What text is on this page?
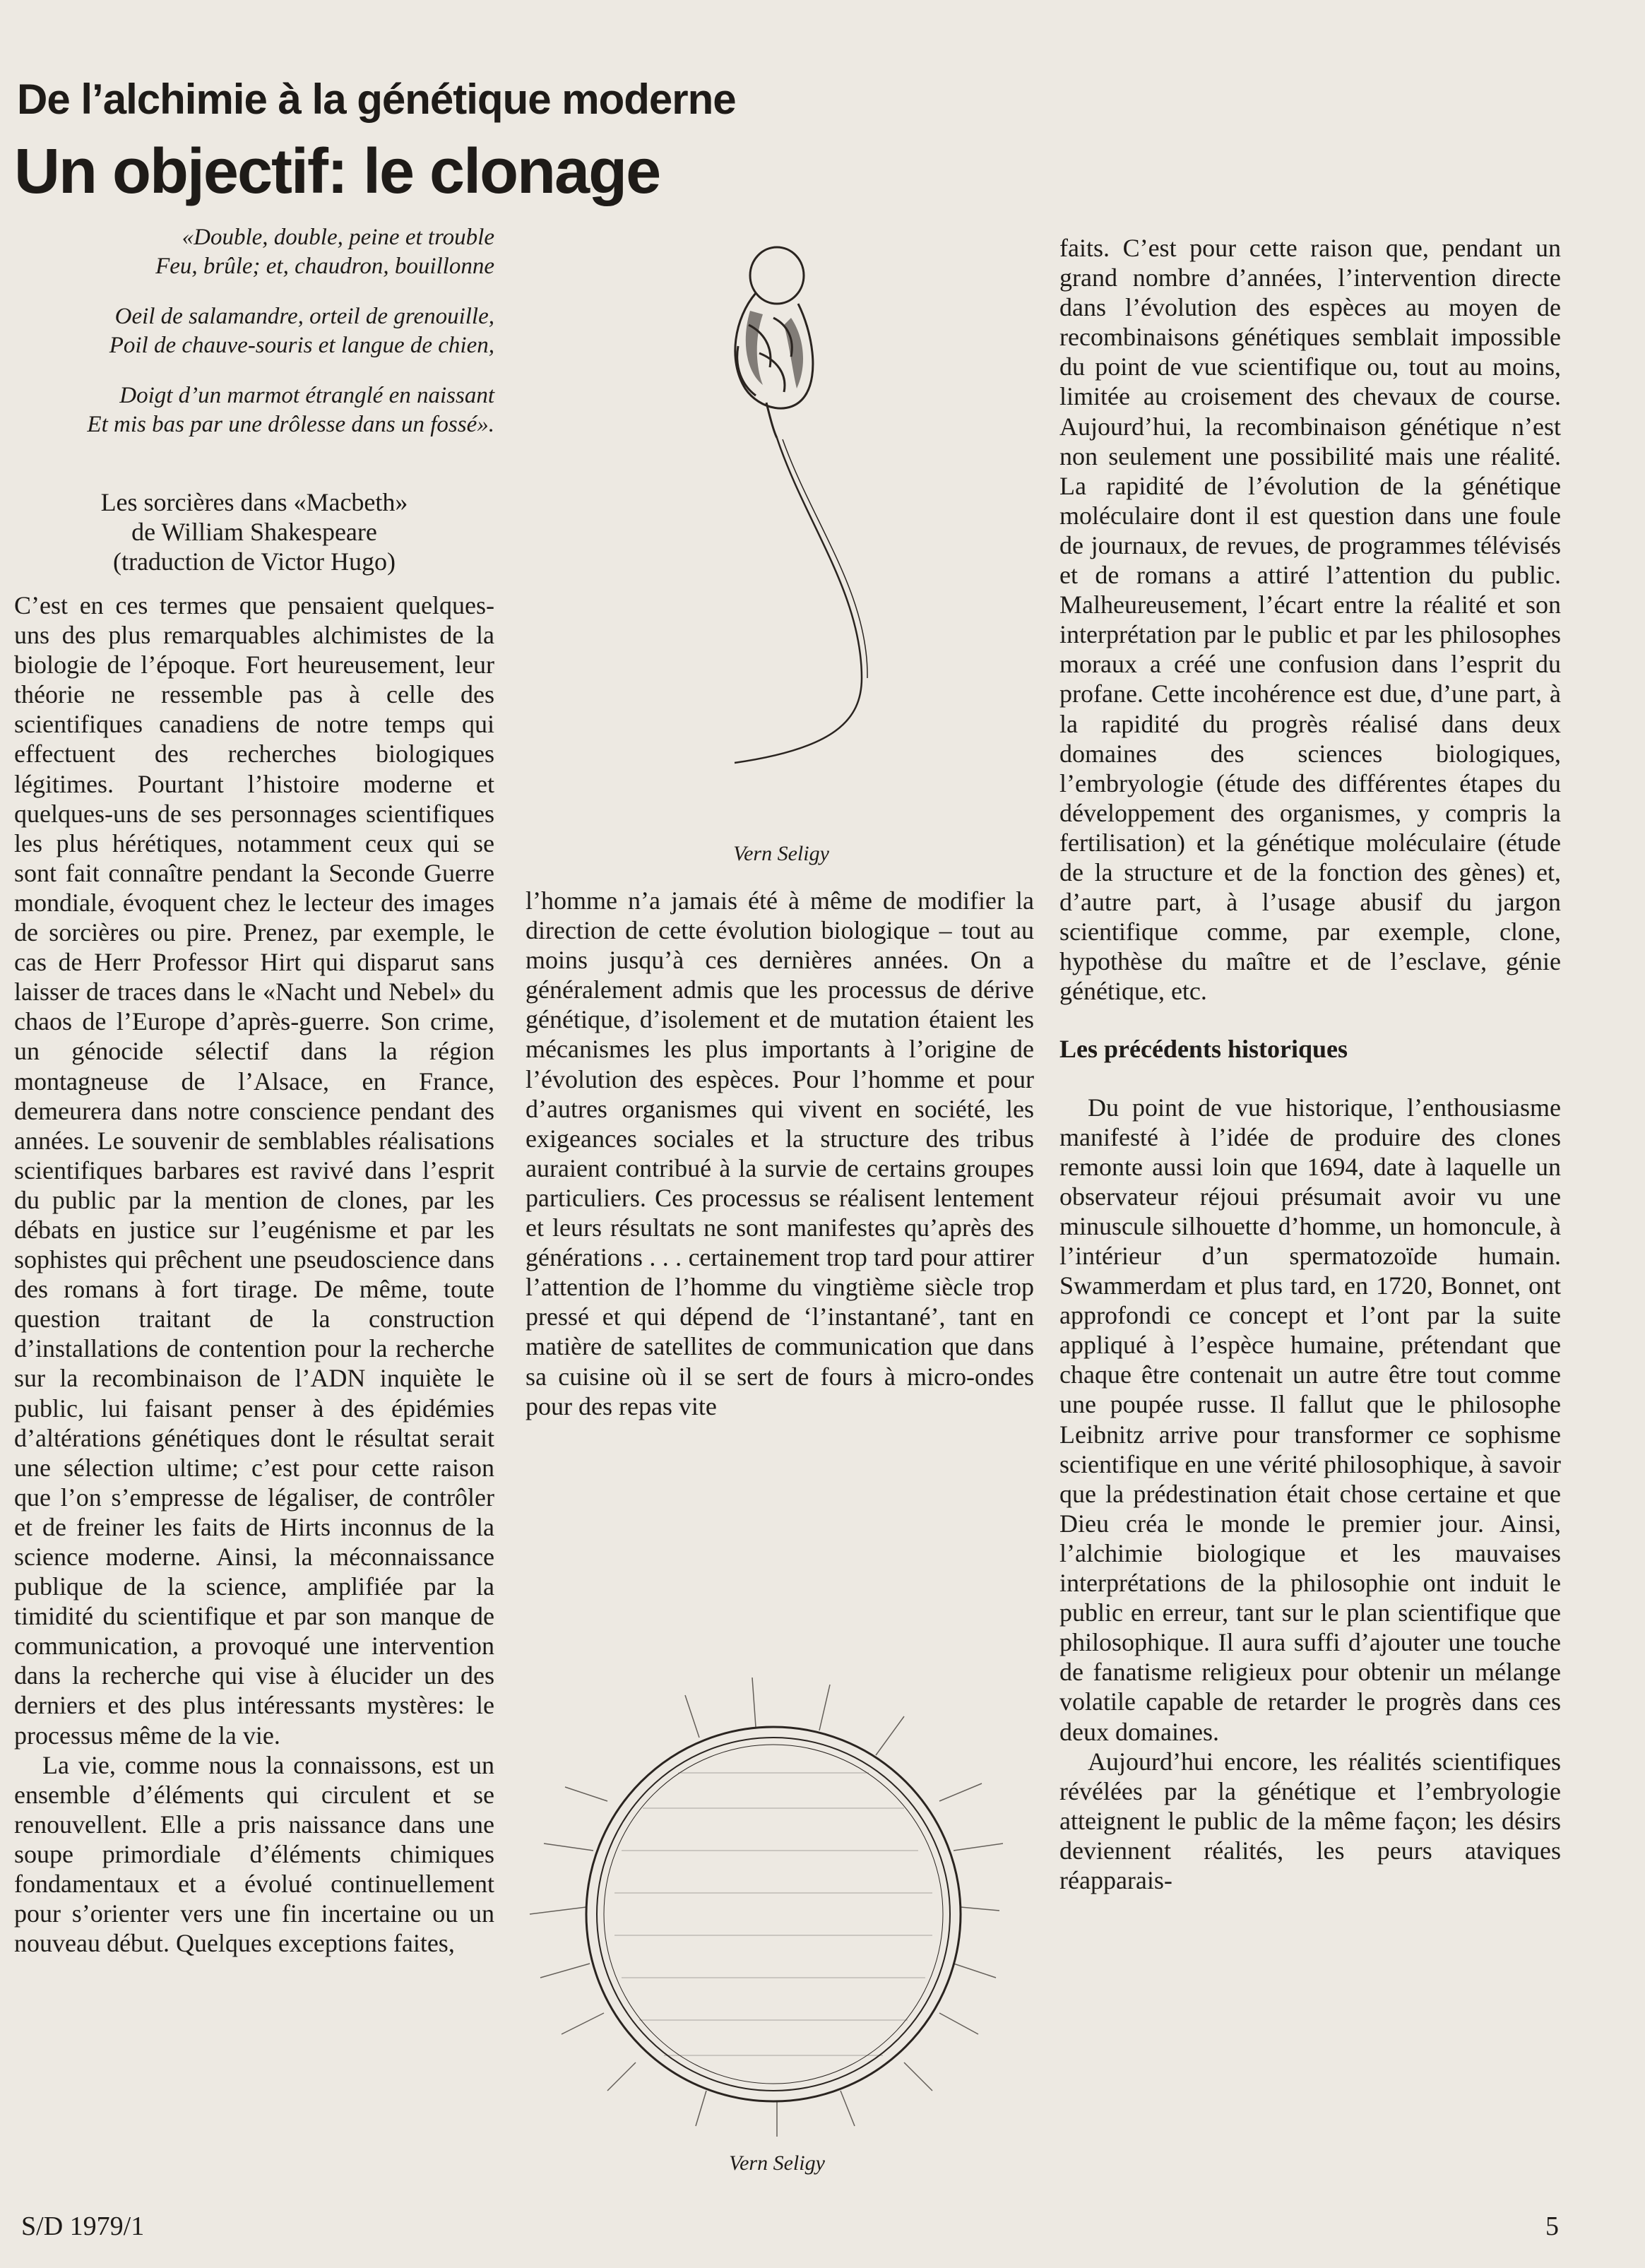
De l’alchimie à la génétique moderne
Un objectif: le clonage

«Double, double, peine et trouble
Feu, brûle; et, chaudron, bouillonne

Oeil de salamandre, orteil de grenouille,
Poil de chauve-souris et langue de chien,

Doigt d’un marmot étranglé en naissant
Et mis bas par une drôlesse dans un fossé».

Les sorcières dans «Macbeth»
de William Shakespeare
(traduction de Victor Hugo)
Vern Seligy
Vern Seligy

C’est en ces termes que pensaient quelques-uns des plus remarquables alchimistes de la biologie de l’époque. Fort heureusement, leur théorie ne ressemble pas à celle des scientifiques canadiens de notre temps qui effectuent des recherches biologiques légitimes. Pourtant l’histoire moderne et quelques-uns de ses personnages scientifiques les plus hérétiques, notamment ceux qui se sont fait connaître pendant la Seconde Guerre mondiale, évoquent chez le lecteur des images de sorcières ou pire. Prenez, par exemple, le cas de Herr Professor Hirt qui disparut sans laisser de traces dans le «Nacht und Nebel» du chaos de l’Europe d’après-guerre. Son crime, un génocide sélectif dans la région montagneuse de l’Alsace, en France, demeurera dans notre conscience pendant des années. Le souvenir de semblables réalisations scientifiques barbares est ravivé dans l’esprit du public par la mention de clones, par les débats en justice sur l’eugénisme et par les sophistes qui prêchent une pseudoscience dans des romans à fort tirage. De même, toute question traitant de la construction d’installations de contention pour la recherche sur la recombinaison de l’ADN inquiète le public, lui faisant penser à des épidémies d’altérations génétiques dont le résultat serait une sélection ultime; c’est pour cette raison que l’on s’empresse de légaliser, de contrôler et de freiner les faits de Hirts inconnus de la science moderne. Ainsi, la méconnaissance publique de la science, amplifiée par la timidité du scientifique et par son manque de communication, a provoqué une intervention dans la recherche qui vise à élucider un des derniers et des plus intéressants mystères: le processus même de la vie.

La vie, comme nous la connaissons, est un ensemble d’éléments qui circulent et se renouvellent. Elle a pris naissance dans une soupe primordiale d’éléments chimiques fondamentaux et a évolué continuellement pour s’orienter vers une fin incertaine ou un nouveau début. Quelques exceptions faites,

l’homme n’a jamais été à même de modifier la direction de cette évolution biologique – tout au moins jusqu’à ces dernières années. On a généralement admis que les processus de dérive génétique, d’isolement et de mutation étaient les mécanismes les plus importants à l’origine de l’évolution des espèces. Pour l’homme et pour d’autres organismes qui vivent en société, les exigeances sociales et la structure des tribus auraient contribué à la survie de certains groupes particuliers. Ces processus se réalisent lentement et leurs résultats ne sont manifestes qu’après des générations . . . certainement trop tard pour attirer l’attention de l’homme du vingtième siècle trop pressé et qui dépend de ‘l’instantané’, tant en matière de satellites de communication que dans sa cuisine où il se sert de fours à micro-ondes pour des repas vite

faits. C’est pour cette raison que, pendant un grand nombre d’années, l’intervention directe dans l’évolution des espèces au moyen de recombinaisons génétiques semblait impossible du point de vue scientifique ou, tout au moins, limitée au croisement des chevaux de course. Aujourd’hui, la recombinaison génétique n’est non seulement une possibilité mais une réalité. La rapidité de l’évolution de la génétique moléculaire dont il est question dans une foule de journaux, de revues, de programmes télévisés et de romans a attiré l’attention du public. Malheureusement, l’écart entre la réalité et son interprétation par le public et par les philosophes moraux a créé une confusion dans l’esprit du profane. Cette incohérence est due, d’une part, à la rapidité du progrès réalisé dans deux domaines des sciences biologiques, l’embryologie (étude des différentes étapes du développement des organismes, y compris la fertilisation) et la génétique moléculaire (étude de la structure et de la fonction des gènes) et, d’autre part, à l’usage abusif du jargon scientifique comme, par exemple, clone, hypothèse du maître et de l’esclave, génie génétique, etc.

Les précédents historiques

Du point de vue historique, l’enthousiasme manifesté à l’idée de produire des clones remonte aussi loin que 1694, date à laquelle un observateur réjoui présumait avoir vu une minuscule silhouette d’homme, un homoncule, à l’intérieur d’un spermatozoïde humain. Swammerdam et plus tard, en 1720, Bonnet, ont approfondi ce concept et l’ont par la suite appliqué à l’espèce humaine, prétendant que chaque être contenait un autre être tout comme une poupée russe. Il fallut que le philosophe Leibnitz arrive pour transformer ce sophisme scientifique en une vérité philosophique, à savoir que la prédestination était chose certaine et que Dieu créa le monde le premier jour. Ainsi, l’alchimie biologique et les mauvaises interprétations de la philosophie ont induit le public en erreur, tant sur le plan scientifique que philosophique. Il aura suffi d’ajouter une touche de fanatisme religieux pour obtenir un mélange volatile capable de retarder le progrès dans ces deux domaines.

Aujourd’hui encore, les réalités scientifiques révélées par la génétique et l’embryologie atteignent le public de la même façon; les désirs deviennent réalités, les peurs ataviques réapparais-

S/D 1979/1	5
